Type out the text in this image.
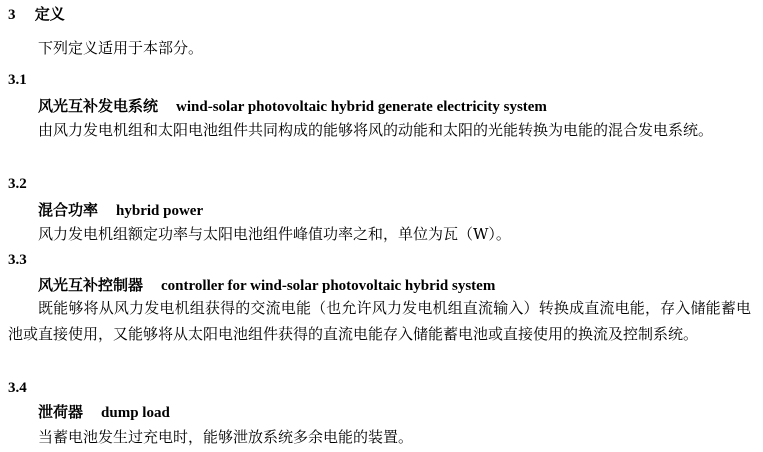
3 定义
下列定义适用于本部分。
3.1
风光互补发电系统 wind-solar photovoltaic hybrid generate electricity system
由风力发电机组和太阳电池组件共同构成的能够将风的动能和太阳的光能转换为电能的混合发电系统。
3.2
混合功率 hybrid power
风力发电机组额定功率与太阳电池组件峰值功率之和，单位为瓦（W）。
3.3
风光互补控制器 controller for wind-solar photovoltaic hybrid system
既能够将从风力发电机组获得的交流电能（也允许风力发电机组直流输入）转换成直流电能，存入储能蓄电池或直接使用，又能够将从太阳电池组件获得的直流电能存入储能蓄电池或直接使用的换流及控制系统。
3.4
泄荷器 dump load
当蓄电池发生过充电时，能够泄放系统多余电能的装置。
